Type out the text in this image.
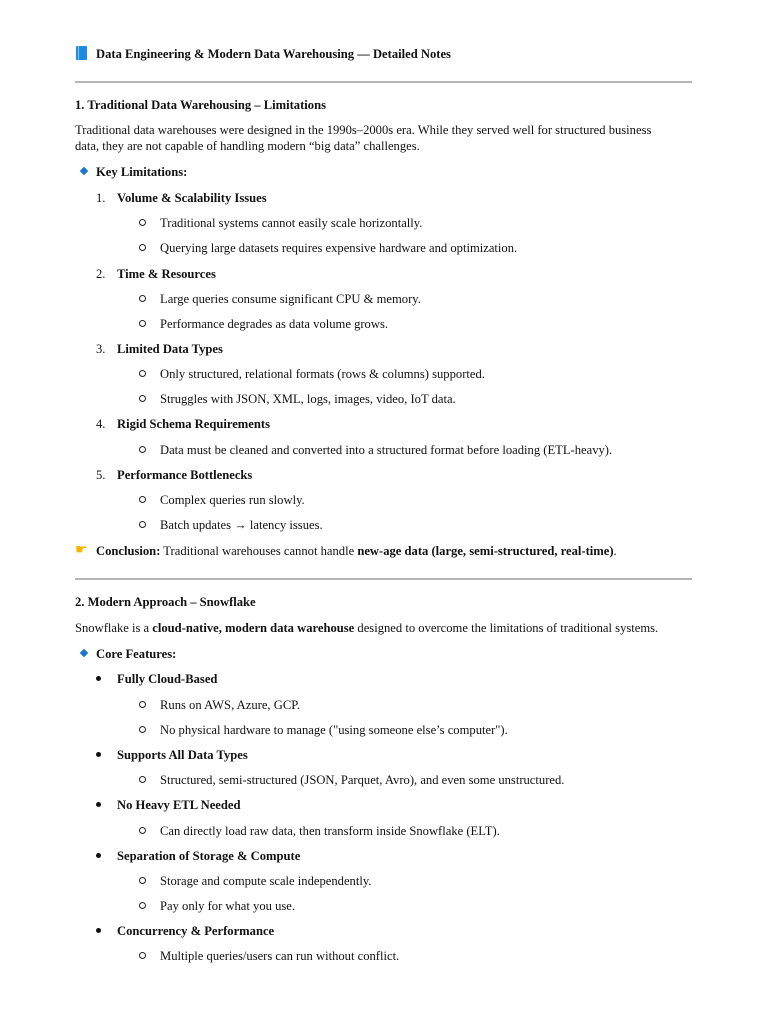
Data Engineering & Modern Data Warehousing — Detailed Notes
1. Traditional Data Warehousing – Limitations
Traditional data warehouses were designed in the 1990s–2000s era. While they served well for structured business
data, they are not capable of handling modern “big data” challenges.
Key Limitations:
1. Volume & Scalability Issues
Traditional systems cannot easily scale horizontally.
Querying large datasets requires expensive hardware and optimization.
2. Time & Resources
Large queries consume significant CPU & memory.
Performance degrades as data volume grows.
3. Limited Data Types
Only structured, relational formats (rows & columns) supported.
Struggles with JSON, XML, logs, images, video, IoT data.
4. Rigid Schema Requirements
Data must be cleaned and converted into a structured format before loading (ETL-heavy).
5. Performance Bottlenecks
Complex queries run slowly.
Batch updates → latency issues.
☛ Conclusion: Traditional warehouses cannot handle new-age data (large, semi-structured, real-time).
2. Modern Approach – Snowflake
Snowflake is a cloud-native, modern data warehouse designed to overcome the limitations of traditional systems.
Core Features:
Fully Cloud-Based
Runs on AWS, Azure, GCP.
No physical hardware to manage ("using someone else’s computer").
Supports All Data Types
Structured, semi-structured (JSON, Parquet, Avro), and even some unstructured.
No Heavy ETL Needed
Can directly load raw data, then transform inside Snowflake (ELT).
Separation of Storage & Compute
Storage and compute scale independently.
Pay only for what you use.
Concurrency & Performance
Multiple queries/users can run without conflict.
